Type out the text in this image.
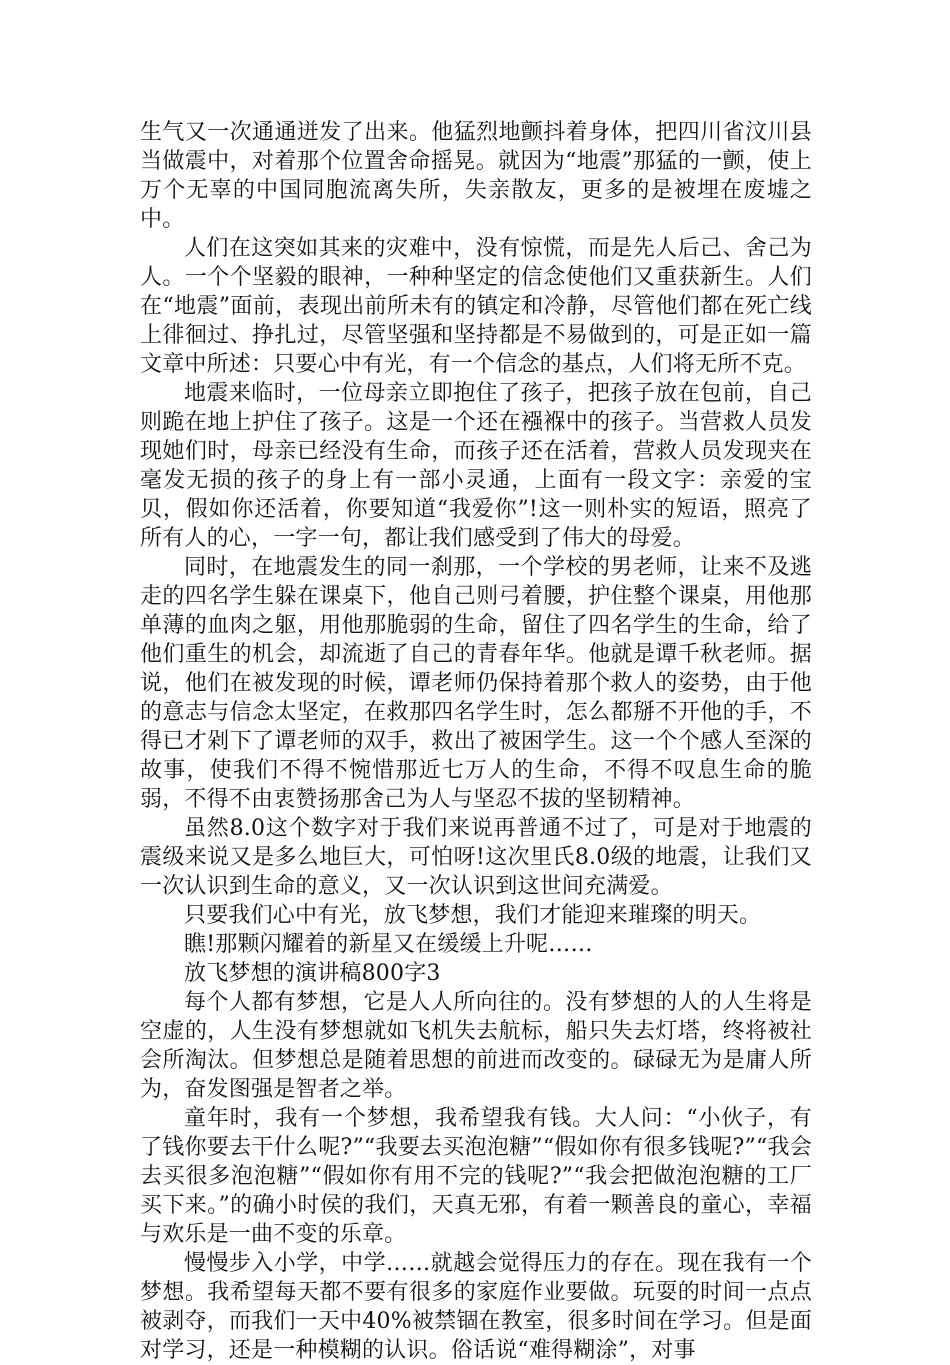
生气又一次通通迸发了出来。他猛烈地颤抖着身体，把四川省汶川县当做震中，对着那个位置舍命摇晃。就因为“地震”那猛的一颤，使上万个无辜的中国同胞流离失所，失亲散友，更多的是被埋在废墟之中。

人们在这突如其来的灾难中，没有惊慌，而是先人后己、舍己为人。一个个坚毅的眼神，一种种坚定的信念使他们又重获新生。人们在“地震”面前，表现出前所未有的镇定和冷静，尽管他们都在死亡线上徘徊过、挣扎过，尽管坚强和坚持都是不易做到的，可是正如一篇文章中所述：只要心中有光，有一个信念的基点，人们将无所不克。

地震来临时，一位母亲立即抱住了孩子，把孩子放在包前，自己则跪在地上护住了孩子。这是一个还在襁褓中的孩子。当营救人员发现她们时，母亲已经没有生命，而孩子还在活着，营救人员发现夹在毫发无损的孩子的身上有一部小灵通，上面有一段文字：亲爱的宝贝，假如你还活着，你要知道“我爱你”!这一则朴实的短语，照亮了所有人的心，一字一句，都让我们感受到了伟大的母爱。

同时，在地震发生的同一刹那，一个学校的男老师，让来不及逃走的四名学生躲在课桌下，他自己则弓着腰，护住整个课桌，用他那单薄的血肉之躯，用他那脆弱的生命，留住了四名学生的生命，给了他们重生的机会，却流逝了自己的青春年华。他就是谭千秋老师。据说，他们在被发现的时候，谭老师仍保持着那个救人的姿势，由于他的意志与信念太坚定，在救那四名学生时，怎么都掰不开他的手，不得已才剁下了谭老师的双手，救出了被困学生。这一个个感人至深的故事，使我们不得不惋惜那近七万人的生命，不得不叹息生命的脆弱，不得不由衷赞扬那舍己为人与坚忍不拔的坚韧精神。

虽然8.0这个数字对于我们来说再普通不过了，可是对于地震的震级来说又是多么地巨大，可怕呀!这次里氏8.0级的地震，让我们又一次认识到生命的意义，又一次认识到这世间充满爱。

只要我们心中有光，放飞梦想，我们才能迎来璀璨的明天。

瞧!那颗闪耀着的新星又在缓缓上升呢……

放飞梦想的演讲稿800字3

每个人都有梦想，它是人人所向往的。没有梦想的人的人生将是空虚的，人生没有梦想就如飞机失去航标，船只失去灯塔，终将被社会所淘汰。但梦想总是随着思想的前进而改变的。碌碌无为是庸人所为，奋发图强是智者之举。

童年时，我有一个梦想，我希望我有钱。大人问：“小伙子，有了钱你要去干什么呢?”“我要去买泡泡糖”“假如你有很多钱呢?”“我会去买很多泡泡糖”“假如你有用不完的钱呢?”“我会把做泡泡糖的工厂买下来。”的确小时侯的我们，天真无邪，有着一颗善良的童心，幸福与欢乐是一曲不变的乐章。

慢慢步入小学，中学……就越会觉得压力的存在。现在我有一个梦想。我希望每天都不要有很多的家庭作业要做。玩耍的时间一点点被剥夺，而我们一天中40%被禁锢在教室，很多时间在学习。但是面对学习，还是一种模糊的认识。俗话说“难得糊涂”，对事
